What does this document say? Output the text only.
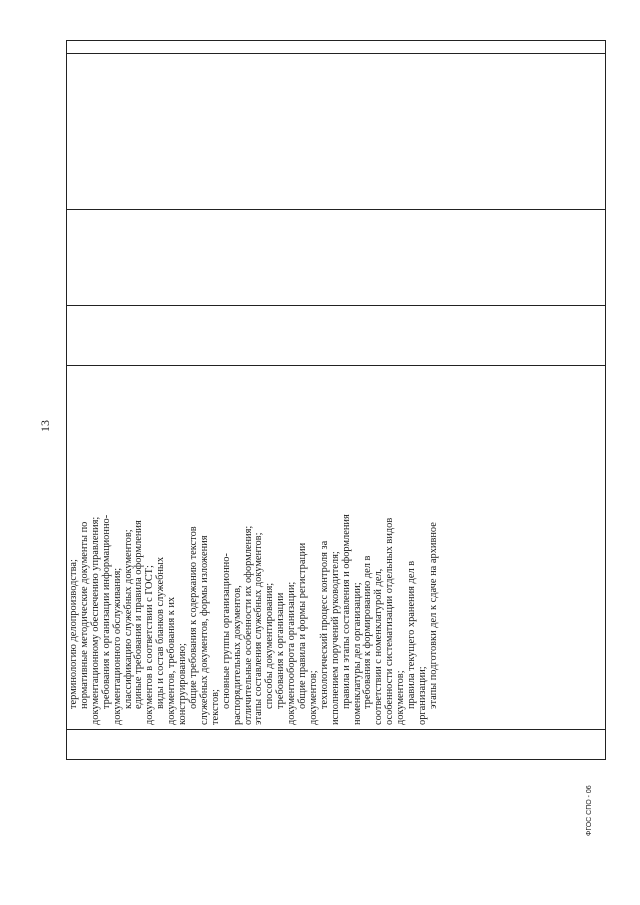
13
терминологию делопроизводства; нормативные методические документы по документационному обеспечению управления; требования к организации информационно- документационного обслуживания; классификацию служебных документов; единые требования и правила оформления документов в соответствии с ГОСТ; виды и состав бланков служебных документов, требования к их конструированию; общие требования к содержанию текстов служебных документов, формы изложения текстов; основные группы организационно- распорядительных документов, отличительные особенности их оформления; этапы составления служебных документов; способы документирования; требования к организации документооборота организации; общие правила и формы регистрации документов; технологический процесс контроля за исполнением поручений руководителя; правила и этапы составления и оформления номенклатуры дел организации; требования к формированию дел в соответствии с номенклатурой дел, особенности систематизации отдельных видов документов; правила текущего хранения дел в организации; этапы подготовки дел к сдаче на архивное
ФГОС СПО - 06
